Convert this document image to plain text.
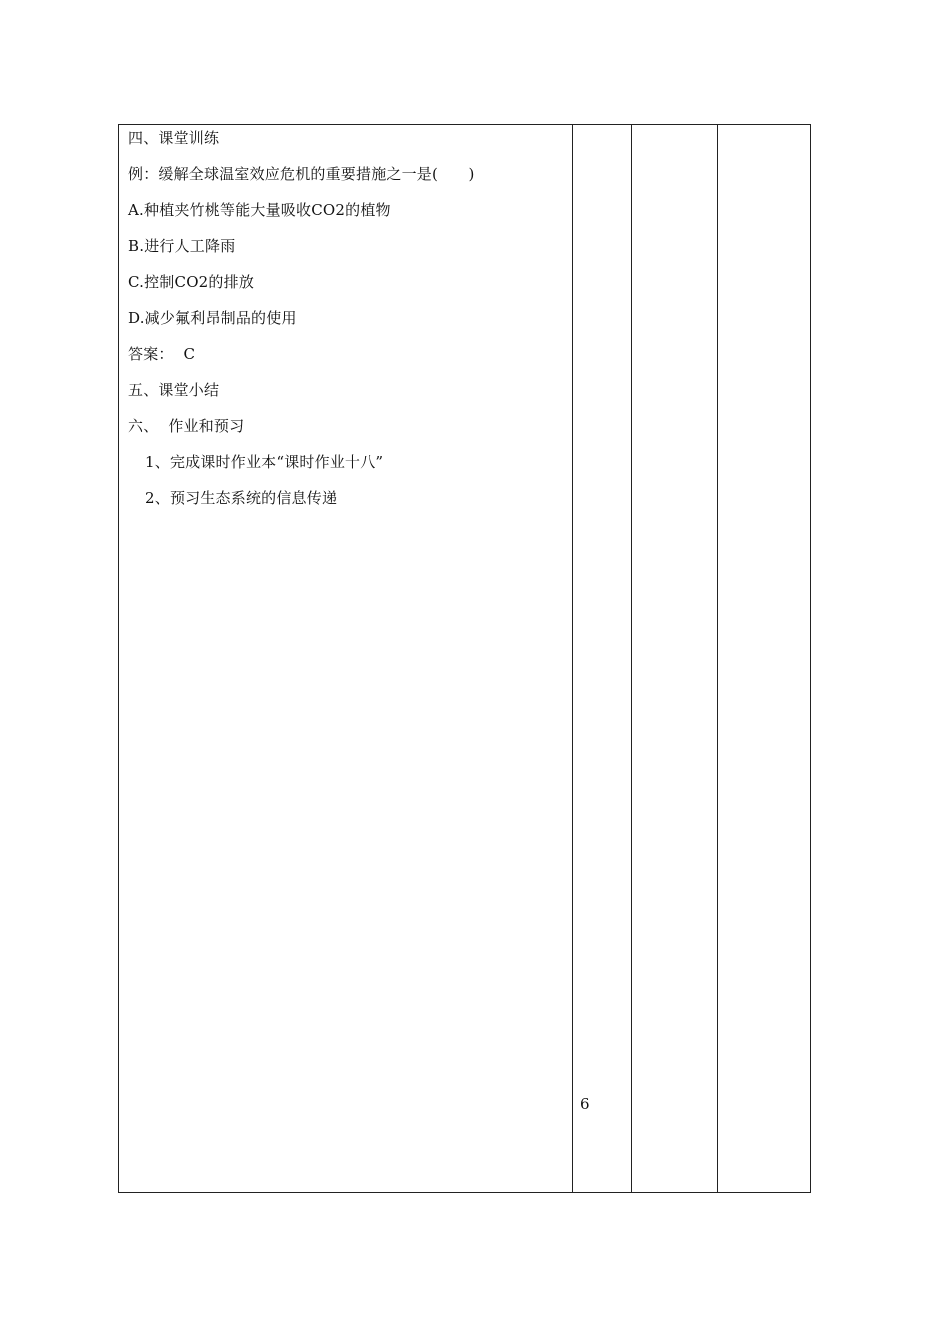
四、课堂训练
例：缓解全球温室效应危机的重要措施之一是(　　)
A.种植夹竹桃等能大量吸收CO2的植物
B.进行人工降雨
C.控制CO2的排放
D.减少氟利昂制品的使用
答案：  C
五、课堂小结
六、  作业和预习
1、完成课时作业本“课时作业十八”
2、预习生态系统的信息传递
6
